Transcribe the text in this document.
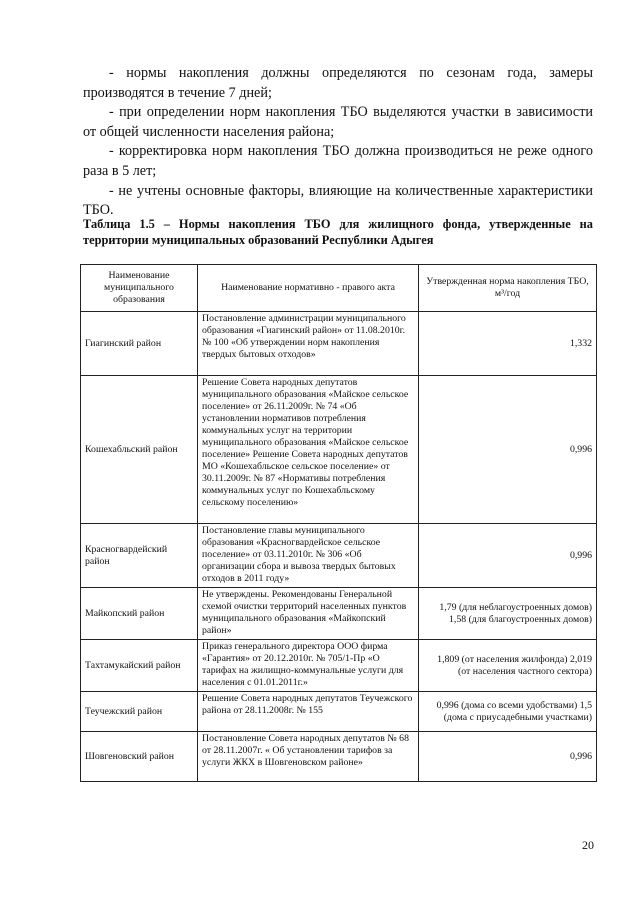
- нормы накопления должны определяются по сезонам года, замеры производятся в течение 7 дней;

- при определении норм накопления ТБО выделяются участки в зависимости от общей численности населения района;

- корректировка норм накопления ТБО должна производиться не реже одного раза в 5 лет;

- не учтены основные факторы, влияющие на количественные характеристики ТБО.

Таблица 1.5 – Нормы накопления ТБО для жилищного фонда, утвержденные на территории муниципальных образований Республики Адыгея
Наименование муниципального образования	Наименование нормативно - правого акта	Утвержденная норма накопления ТБО, м³/год
Гиагинский район	Постановление администрации муниципального образования «Гиагинский район» от 11.08.2010г. № 100 «Об утверждении норм накопления твердых бытовых отходов»	1,332
Кошехабльский район	Решение Совета народных депутатов муниципального образования «Майское сельское поселение» от 26.11.2009г. № 74 «Об установлении нормативов потребления коммунальных услуг на территории муниципального образования «Майское сельское поселение» Решение Совета народных депутатов МО «Кошехабльское сельское поселение» от 30.11.2009г. № 87 «Нормативы потребления коммунальных услуг по Кошехабльскому сельскому поселению»	0,996
Красногвардейский район	Постановление главы муниципального образования «Красногвардейское сельское поселение» от 03.11.2010г. № 306 «Об организации сбора и вывоза твердых бытовых отходов в 2011 году»	0,996
Майкопский район	Не утверждены. Рекомендованы Генеральной схемой очистки территорий населенных пунктов муниципального образования «Майкопский район»	1,79 (для неблагоустроенных домов) 1,58 (для благоустроенных домов)
Тахтамукайский район	Приказ генерального директора ООО фирма «Гарантия» от 20.12.2010г. № 705/1-Пр «О тарифах на жилищно-коммунальные услуги для населения с 01.01.2011г.»	1,809 (от населения жилфонда) 2,019 (от населения частного сектора)
Теучежский район	Решение Совета народных депутатов Теучежского района от 28.11.2008г. № 155	0,996 (дома со всеми удобствами) 1,5 (дома с приусадебными участками)
Шовгеновский район	Постановление Совета народных депутатов № 68 от 28.11.2007г. « Об установлении тарифов за услуги ЖКХ в Шовгеновском районе»	0,996
20
